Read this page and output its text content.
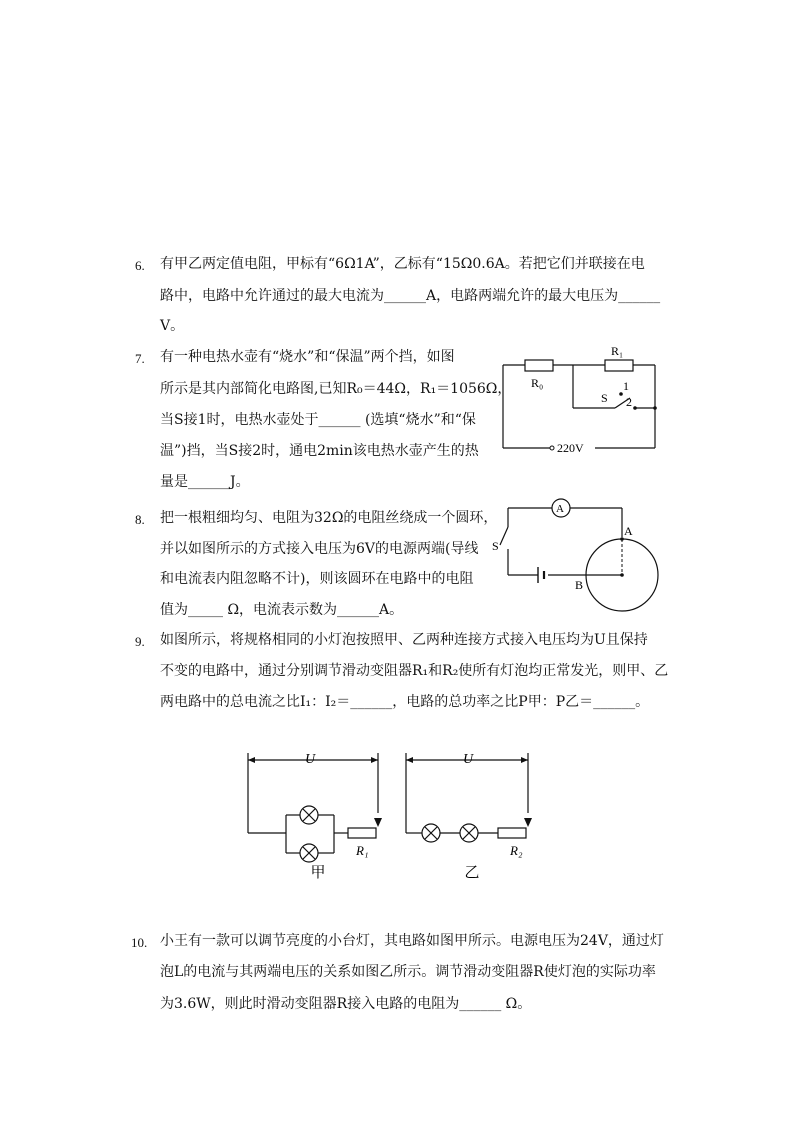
6. 有甲乙两定值电阻，甲标有“6Ω1A”，乙标有“15Ω0.6A。若把它们并联接在电
路中，电路中允许通过的最大电流为______A，电路两端允许的最大电压为______
V。
7. 有一种电热水壶有“烧水”和“保温”两个挡，如图
所示是其内部简化电路图,已知R₀＝44Ω，R₁＝1056Ω，
当S接1时，电热水壶处于______ (选填“烧水”和“保
温”)挡，当S接2时，通电2min该电热水壶产生的热
量是______J。
R₀
R₁
S
1
2
220V
8. 把一根粗细均匀、电阻为32Ω的电阻丝绕成一个圆环，
并以如图所示的方式接入电压为6V的电源两端(导线
和电流表内阻忽略不计)，则该圆环在电路中的电阻
值为_____ Ω，电流表示数为______A。
A
A
B
S
9. 如图所示，将规格相同的小灯泡按照甲、乙两种连接方式接入电压均为U且保持
不变的电路中，通过分别调节滑动变阻器R₁和R₂使所有灯泡均正常发光，则甲、乙
两电路中的总电流之比I₁：I₂＝______，电路的总功率之比P甲：P乙＝______。
U
R₁
甲
U
R₂
乙
10. 小王有一款可以调节亮度的小台灯，其电路如图甲所示。电源电压为24V，通过灯
泡L的电流与其两端电压的关系如图乙所示。调节滑动变阻器R使灯泡的实际功率
为3.6W，则此时滑动变阻器R接入电路的电阻为______ Ω。
